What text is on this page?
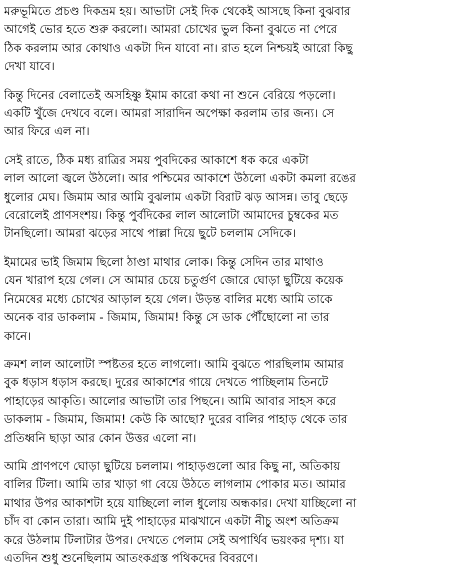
মরুভূমিতে প্রচণ্ড দিকভ্রম হয়। আভাটা সেই দিক থেকেই আসছে কিনা বুঝবার
আগেই ভোর হতে শুরু করলো। আমরা চোখের ভুল কিনা বুঝতে না পেরে
ঠিক করলাম আর কোথাও একটা দিন যাবো না। রাত হলে নিশ্চয়ই আরো কিছু
দেখা যাবে।
কিন্তু দিনের বেলাতেই অসহিষ্ণু ইমাম কারো কথা না শুনে বেরিয়ে পড়লো।
একটি খুঁজে দেখবে বলে। আমরা সারাদিন অপেক্ষা করলাম তার জন্য। সে
আর ফিরে এল না।
সেই রাতে, ঠিক মধ্য রাত্রির সময় পুবদিকের আকাশে ধক করে একটা
লাল আলো জ্বলে উঠলো। আর পশ্চিমের আকাশে উঠলো একটা কমলা রঙের
ধুলোর মেঘ। জিমাম আর আমি বুঝলাম একটা বিরাট ঝড় আসন্ন। তাবু ছেড়ে
বেরোলেই প্রাণসংশয়। কিন্তু পুর্বদিকের লাল আলোটা আমাদের চুম্বকের মত
টানছিলো। আমরা ঝড়ের সাথে পাল্লা দিয়ে ছুটে চললাম সেদিকে।
ইমামের ভাই জিমাম ছিলো ঠাণ্ডা মাথার লোক। কিন্তু সেদিন তার মাথাও
যেন খারাপ হয়ে গেল। সে আমার চেয়ে চতুর্গুণ জোরে ঘোড়া ছুটিয়ে কয়েক
নিমেষের মধ্যে চোখের আড়াল হয়ে গেল। উড়ন্ত বালির মধ্যে আমি তাকে
অনেক বার ডাকলাম - জিমাম, জিমাম! কিন্তু সে ডাক পৌঁছোলো না তার
কানে।
ক্রমশ লাল আলোটা স্পষ্টতর হতে লাগলো। আমি বুঝতে পারছিলাম আমার
বুক ধড়াস ধড়াস করছে। দুরের আকাশের গায়ে দেখতে পাচ্ছিলাম তিনটে
পাহাড়ের আকৃতি। আলোর আভাটা তার পিছনে। আমি আবার সাহস করে
ডাকলাম - জিমাম, জিমাম! কেউ কি আছো? দুরের বালির পাহাড় থেকে তার
প্রতিধ্বনি ছাড়া আর কোন উত্তর এলো না।
আমি প্রাণপণে ঘোড়া ছুটিয়ে চললাম। পাহাড়গুলো আর কিছু না, অতিকায়
বালির টিলা। আমি তার খাড়া গা বেয়ে উঠতে লাগলাম পোকার মত। আমার
মাথার উপর আকাশটা হয়ে যাচ্ছিলো লাল ধুলোয় অন্ধকার। দেখা যাচ্ছিলো না
চাঁদ বা কোন তারা। আমি দুই পাহাড়ের মাঝখানে একটা নীচু অংশ অতিক্রম
করে উঠলাম টিলাটার উপর। দেখতে পেলাম সেই অপার্থিব ভয়ংকর দৃশ্য। যা
এতদিন শুধু শুনেছিলাম আতংকগ্রস্ত পথিকদের বিবরণে।
